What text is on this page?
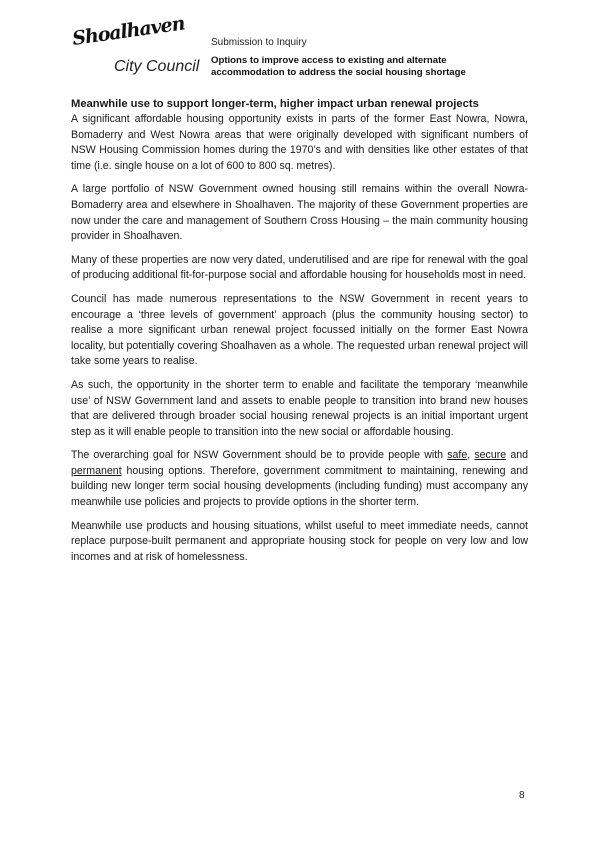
Shoalhaven
City Council
Submission to Inquiry
Options to improve access to existing and alternate accommodation to address the social housing shortage
Meanwhile use to support longer-term, higher impact urban renewal projects

A significant affordable housing opportunity exists in parts of the former East Nowra, Nowra, Bomaderry and West Nowra areas that were originally developed with significant numbers of NSW Housing Commission homes during the 1970’s and with densities like other estates of that time (i.e. single house on a lot of 600 to 800 sq. metres).

A large portfolio of NSW Government owned housing still remains within the overall Nowra-Bomaderry area and elsewhere in Shoalhaven. The majority of these Government properties are now under the care and management of Southern Cross Housing – the main community housing provider in Shoalhaven.

Many of these properties are now very dated, underutilised and are ripe for renewal with the goal of producing additional fit-for-purpose social and affordable housing for households most in need.

Council has made numerous representations to the NSW Government in recent years to encourage a ‘three levels of government’ approach (plus the community housing sector) to realise a more significant urban renewal project focussed initially on the former East Nowra locality, but potentially covering Shoalhaven as a whole. The requested urban renewal project will take some years to realise.

As such, the opportunity in the shorter term to enable and facilitate the temporary ‘meanwhile use’ of NSW Government land and assets to enable people to transition into brand new houses that are delivered through broader social housing renewal projects is an initial important urgent step as it will enable people to transition into the new social or affordable housing.

The overarching goal for NSW Government should be to provide people with safe, secure and permanent housing options. Therefore, government commitment to maintaining, renewing and building new longer term social housing developments (including funding) must accompany any meanwhile use policies and projects to provide options in the shorter term.

Meanwhile use products and housing situations, whilst useful to meet immediate needs, cannot replace purpose-built permanent and appropriate housing stock for people on very low and low incomes and at risk of homelessness.

8
